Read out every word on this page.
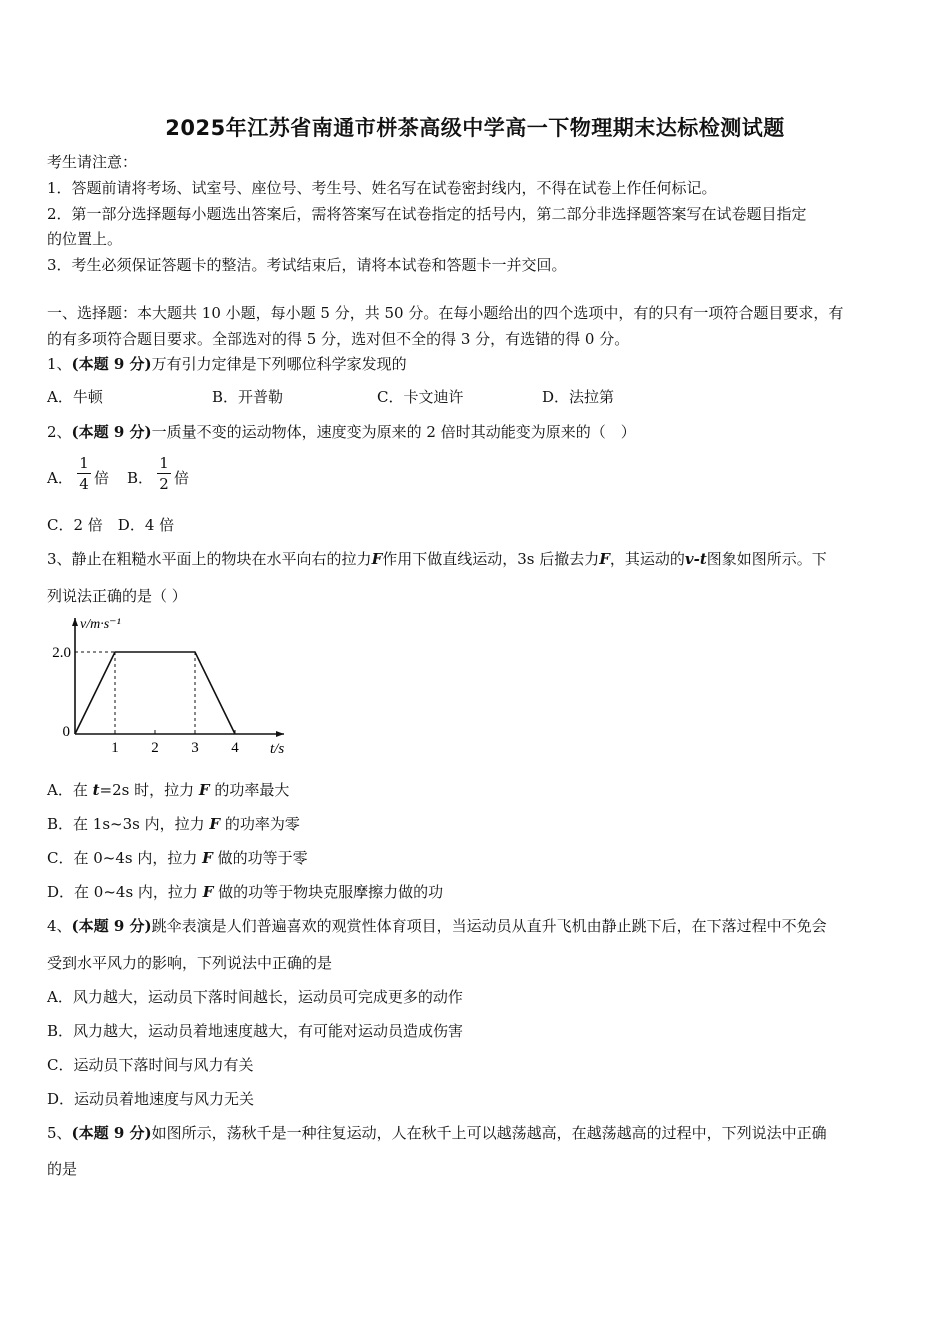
2025年江苏省南通市栟茶高级中学高一下物理期末达标检测试题
考生请注意：
1．答题前请将考场、试室号、座位号、考生号、姓名写在试卷密封线内，不得在试卷上作任何标记。
2．第一部分选择题每小题选出答案后，需将答案写在试卷指定的括号内，第二部分非选择题答案写在试卷题目指定
的位置上。
3．考生必须保证答题卡的整洁。考试结束后，请将本试卷和答题卡一并交回。
一、选择题：本大题共 10 小题，每小题 5 分，共 50 分。在每小题给出的四个选项中，有的只有一项符合题目要求，有
的有多项符合题目要求。全部选对的得 5 分，选对但不全的得 3 分，有选错的得 0 分。
1、(本题 9 分)万有引力定律是下列哪位科学家发现的
A．牛顿	B．开普勒	C．卡文迪许	D．法拉第
2、(本题 9 分)一质量不变的运动物体，速度变为原来的 2 倍时其动能变为原来的（　）
A．
1
4 倍 B．
1
2 倍
C．2 倍　D．4 倍
3、静止在粗糙水平面上的物块在水平向右的拉力F作用下做直线运动，3s 后撤去力F，其运动的v-t图象如图所示。下
列说法正确的是（ ）
1 2 3 4
2.0
0
v/m·s⁻¹
t/s
A．在 t=2s 时，拉力 F 的功率最大
B．在 1s~3s 内，拉力 F 的功率为零
C．在 0~4s 内，拉力 F 做的功等于零
D．在 0~4s 内，拉力 F 做的功等于物块克服摩擦力做的功
4、(本题 9 分)跳伞表演是人们普遍喜欢的观赏性体育项目，当运动员从直升飞机由静止跳下后，在下落过程中不免会
受到水平风力的影响，下列说法中正确的是
A．风力越大，运动员下落时间越长，运动员可完成更多的动作
B．风力越大，运动员着地速度越大，有可能对运动员造成伤害
C．运动员下落时间与风力有关
D．运动员着地速度与风力无关
5、(本题 9 分)如图所示，荡秋千是一种往复运动，人在秋千上可以越荡越高，在越荡越高的过程中，下列说法中正确
的是
